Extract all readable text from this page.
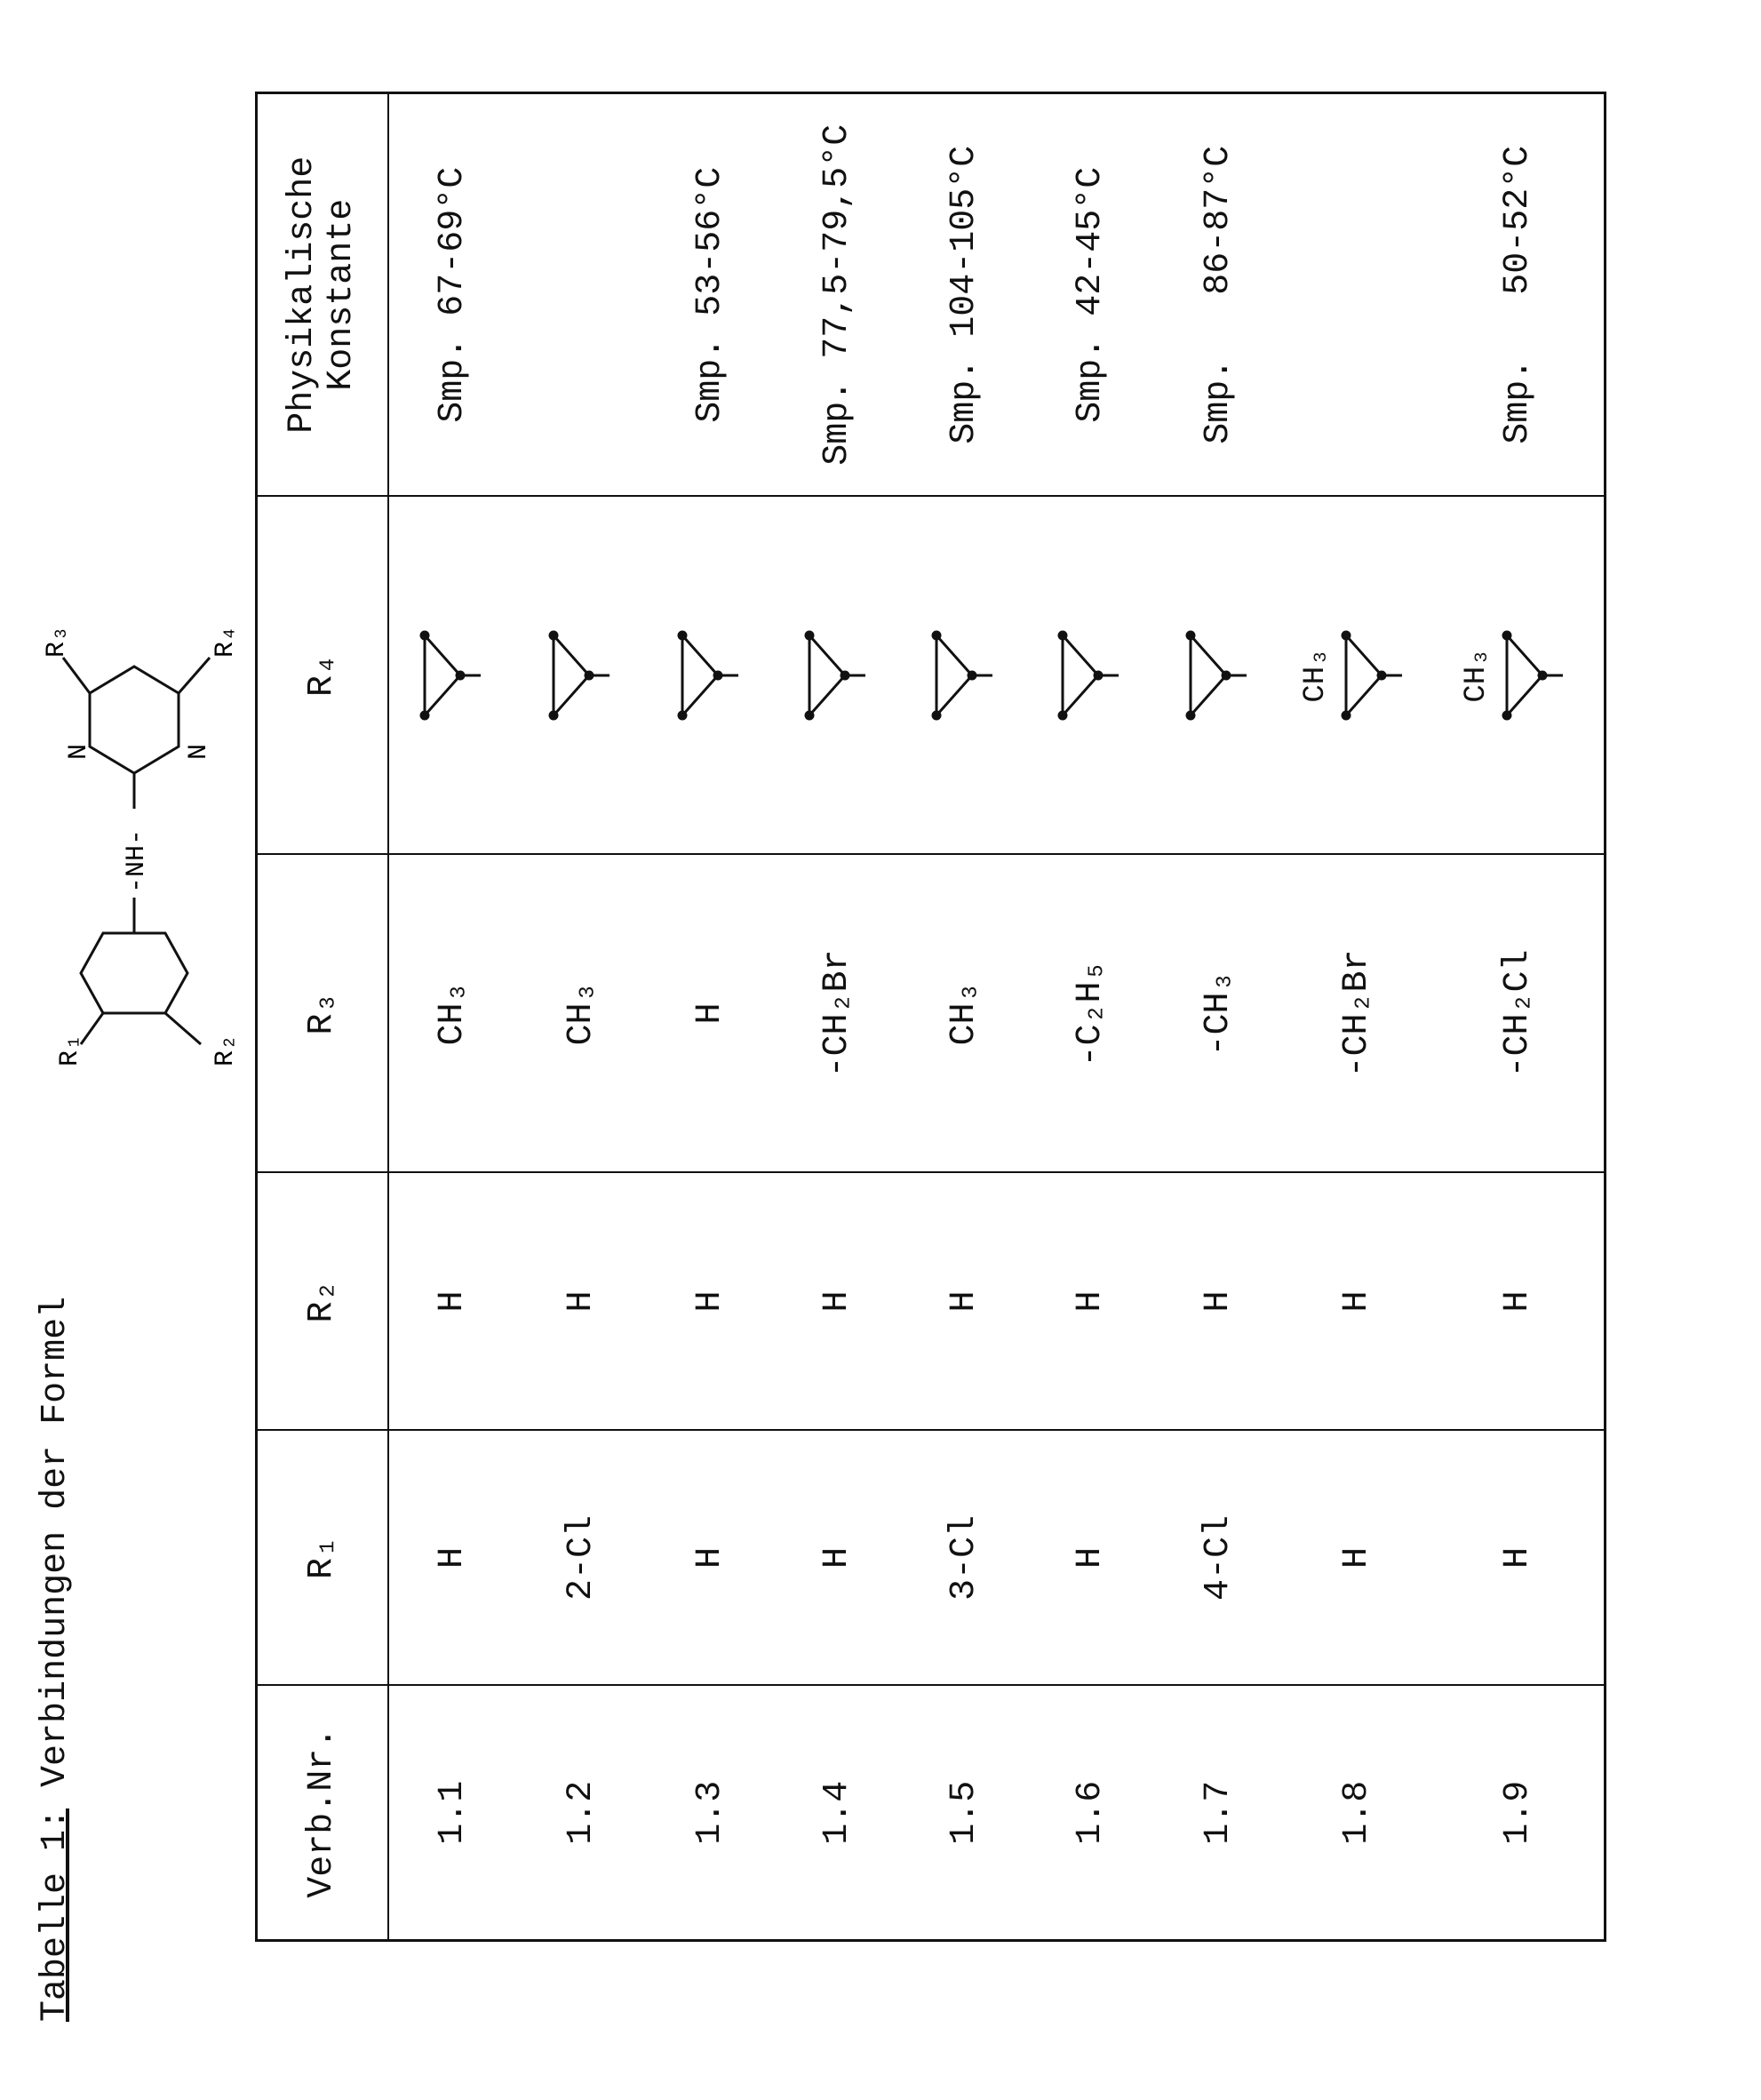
Tabelle 1: Verbindungen der Formel
R₁	R₂
-NH-
N	N
R₃	R₄
Verb.Nr.	R₁	R₂	R₃	R₄	Physikalische
Konstante
1.1	H	H	CH₃		Smp. 67-69°C
1.2	2-Cl	H	CH₃		
1.3	H	H	H		Smp. 53-56°C
1.4	H	H	-CH₂Br		Smp. 77,5-79,5°C
1.5	3-Cl	H	CH₃		Smp. 104-105°C
1.6	H	H	-C₂H₅		Smp. 42-45°C
1.7	4-Cl	H	-CH₃		Smp.   86-87°C
1.8	H	H	-CH₂Br	
CH₃

1.9	H	H	-CH₂Cl	
CH₃
	Smp.   50-52°C
